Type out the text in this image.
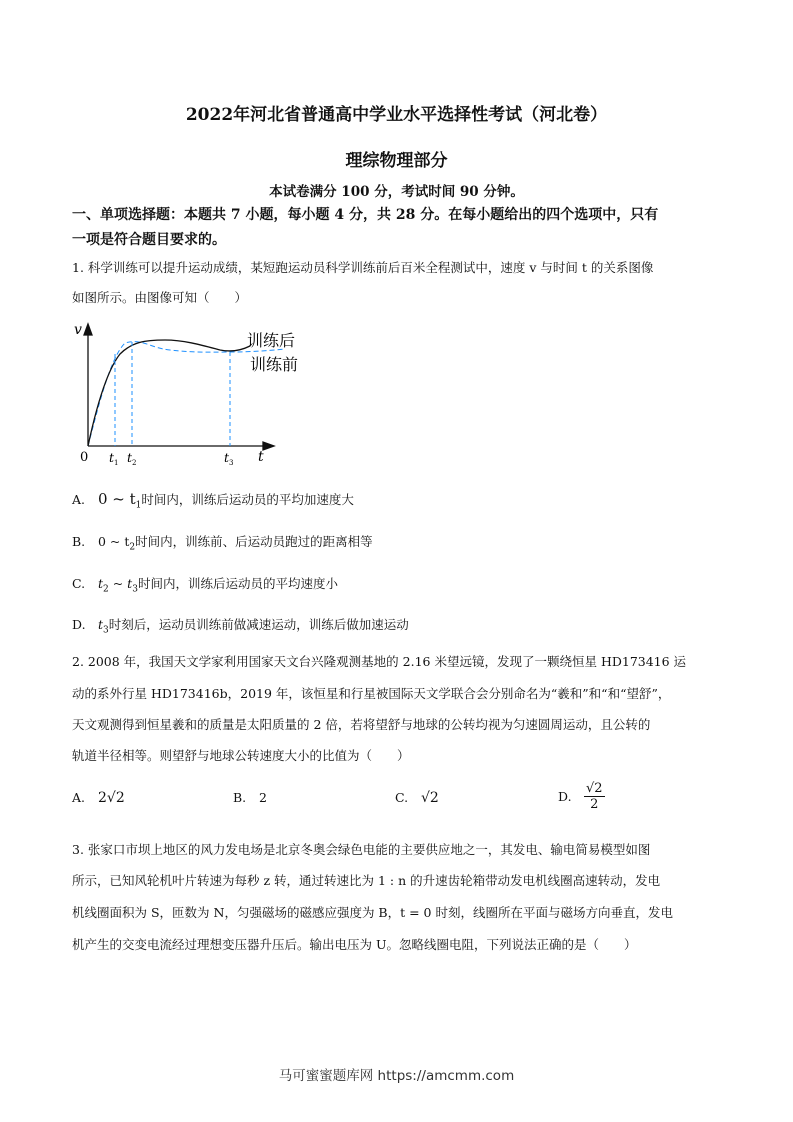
2022年河北省普通高中学业水平选择性考试（河北卷）
理综物理部分
本试卷满分 100 分，考试时间 90 分钟。
一、单项选择题：本题共 7 小题，每小题 4 分，共 28 分。在每小题给出的四个选项中，只有
一项是符合题目要求的。
1. 科学训练可以提升运动成绩，某短跑运动员科学训练前后百米全程测试中，速度 v 与时间 t 的关系图像
如图所示。由图像可知（　　）
v
t
0 $t_1$ $t_2$	$t_3$
训练后
训练前
A. 0 ~ $t_1$时间内，训练后运动员的平均加速度大
B. 0 ~ $t_2$时间内，训练前、后运动员跑过的距离相等
C. $t_2$ ~ $t_3$时间内，训练后运动员的平均速度小
D. $t_3$时刻后，运动员训练前做减速运动，训练后做加速运动
2. 2008 年，我国天文学家利用国家天文台兴隆观测基地的 2.16 米望远镜，发现了一颗绕恒星 HD173416 运
动的系外行星 HD173416b，2019 年，该恒星和行星被国际天文学联合会分别命名为“羲和”和“和“望舒”，
天文观测得到恒星羲和的质量是太阳质量的 2 倍，若将望舒与地球的公转均视为匀速圆周运动，且公转的
轨道半径相等。则望舒与地球公转速度大小的比值为（　　）
A. 2√2	B. 2	C. √2	D. $\frac{√2}{2}$
3. 张家口市坝上地区的风力发电场是北京冬奥会绿色电能的主要供应地之一，其发电、输电简易模型如图
所示，已知风轮机叶片转速为每秒 z 转，通过转速比为 1 : n 的升速齿轮箱带动发电机线圈高速转动，发电
机线圈面积为 S，匝数为 N，匀强磁场的磁感应强度为 B，t = 0 时刻，线圈所在平面与磁场方向垂直，发电
机产生的交变电流经过理想变压器升压后。输出电压为 U。忽略线圈电阻，下列说法正确的是（　　）
马可蜜蜜题库网 https://amcmm.com
